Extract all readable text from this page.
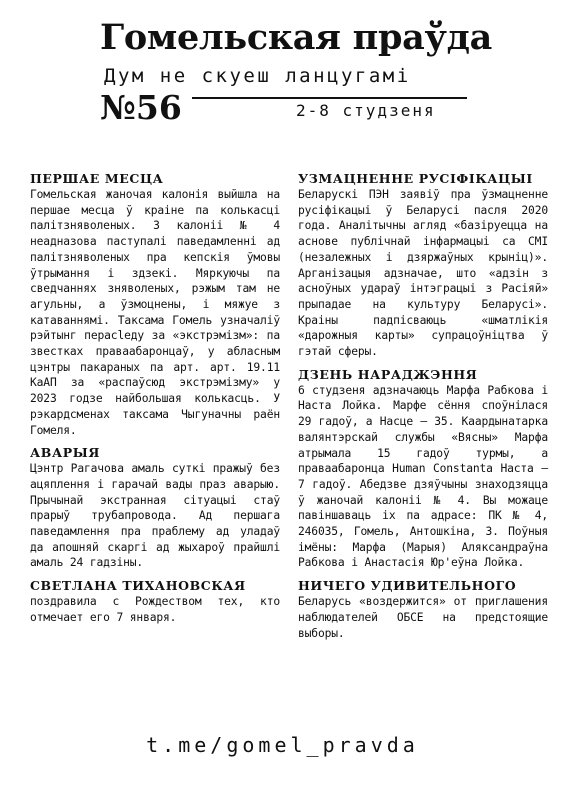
Гомельская праўда
Дум не скуеш ланцугамі
№56	2-8 студзеня
ПЕРШАЕ МЕСЦА

Гомельская жаночая калонія выйшла на першае месца ў краіне па колькасці палітзняволеных. З калоніі № 4 неадназова паступалі паведамленні ад палітзняволеных пра кепскія ўмовы ўтрымання і здзекі. Мяркуючы па сведчаннях зняволеных, рэжым там не агульны, а ўзмоцнены, і мяжуе з катаваннямі. Таксама Гомель узначаліў рэйтынг перасleду за «экстрэмізм»: па звестках праваабаронцаў, у абласным цэнтры пакараных па арт. арт. 19.11 КаАП за «распаўсюд экстрэмізму» у 2023 годзе найбольшая колькасць. У рэкардсменах таксама Чыгуначны раён Гомеля.

АВАРЫЯ

Цэнтр Рагачова амаль суткі пражыў без ацяплення і гарачай вады праз аварыю. Прычынай экстранная сітуацыі стаў прарыў трубапровода. Ад першага паведамлення пра праблему ад уладаў да апошняй скаргі ад жыхароў прайшлі амаль 24 гадзіны.

СВЕТЛАНА ТИХАНОВСКАЯ

поздравила с Рождеством тех, кто отмечает его 7 января.

УЗМАЦНЕННЕ РУСІФІКАЦЫІ

Беларускі ПЭН заявіў пра ўзмацненне русіфікацыі ў Беларусі пасля 2020 года. Аналітычны агляд «базіруецца на аснове публічнай інфармацыі са СМІ (незалежных і дзяржаўных крыніц)». Арганізацыя адзначае, што «адзін з асноўных удараў інтэграцыі з Расіяй» прыпадае на культуру Беларусі». Краіны падпісваюць «шматлікія «дарожныя карты» супрацоўніцтва ў гэтай сферы.

ДЗЕНЬ НАРАДЖЭННЯ

6 студзеня адзначаюць Марфа Рабкова і Наста Лойка. Марфе сёння споўнілася 29 гадоў, а Насце — 35. Каардынатарка валянтэрскай службы «Вясны» Марфа атрымала 15 гадоў турмы, а праваабаронца Human Constanta Наста — 7 гадоў. Абедзве дзяўчыны знаходзяцца ў жаночай калоніі № 4. Вы можаце павіншаваць іх па адрасе: ПК № 4, 246035, Гомель, Антошкіна, 3. Поўныя імёны: Марфа (Марыя) Аляксандраўна Рабкова і Анастасія Юр'еўна Лойка.

НИЧЕГО УДИВИТЕЛЬНОГО

Беларусь «воздержится» от приглашения наблюдателей ОБСЕ на предстоящие выборы.

t.me/gomel_pravda
